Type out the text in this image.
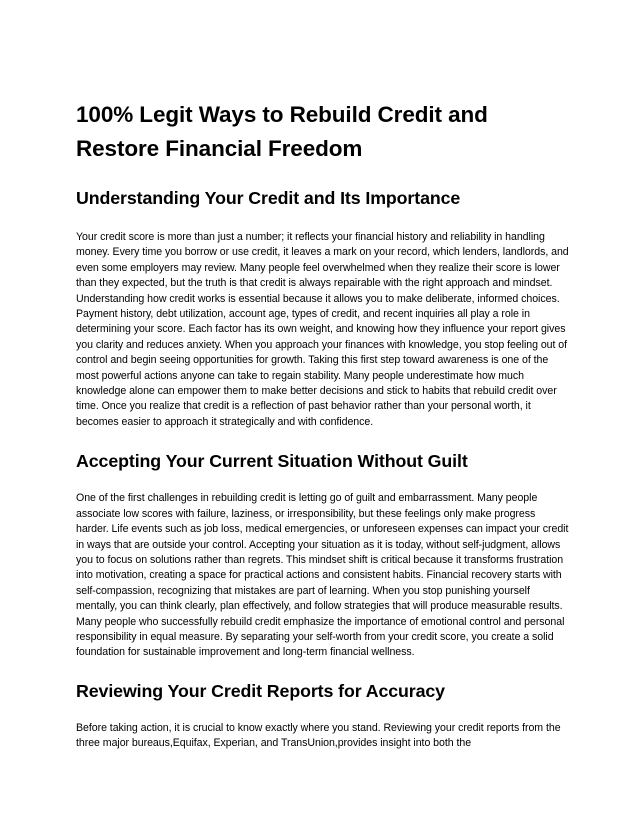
100% Legit Ways to Rebuild Credit and Restore Financial Freedom
Understanding Your Credit and Its Importance

Your credit score is more than just a number; it reflects your financial history and reliability in handling money. Every time you borrow or use credit, it leaves a mark on your record, which lenders, landlords, and even some employers may review. Many people feel overwhelmed when they realize their score is lower than they expected, but the truth is that credit is always repairable with the right approach and mindset. Understanding how credit works is essential because it allows you to make deliberate, informed choices. Payment history, debt utilization, account age, types of credit, and recent inquiries all play a role in determining your score. Each factor has its own weight, and knowing how they influence your report gives you clarity and reduces anxiety. When you approach your finances with knowledge, you stop feeling out of control and begin seeing opportunities for growth. Taking this first step toward awareness is one of the most powerful actions anyone can take to regain stability. Many people underestimate how much knowledge alone can empower them to make better decisions and stick to habits that rebuild credit over time. Once you realize that credit is a reflection of past behavior rather than your personal worth, it becomes easier to approach it strategically and with confidence.

Accepting Your Current Situation Without Guilt

One of the first challenges in rebuilding credit is letting go of guilt and embarrassment. Many people associate low scores with failure, laziness, or irresponsibility, but these feelings only make progress harder. Life events such as job loss, medical emergencies, or unforeseen expenses can impact your credit in ways that are outside your control. Accepting your situation as it is today, without self-judgment, allows you to focus on solutions rather than regrets. This mindset shift is critical because it transforms frustration into motivation, creating a space for practical actions and consistent habits. Financial recovery starts with self-compassion, recognizing that mistakes are part of learning. When you stop punishing yourself mentally, you can think clearly, plan effectively, and follow strategies that will produce measurable results. Many people who successfully rebuild credit emphasize the importance of emotional control and personal responsibility in equal measure. By separating your self-worth from your credit score, you create a solid foundation for sustainable improvement and long-term financial wellness.

Reviewing Your Credit Reports for Accuracy

Before taking action, it is crucial to know exactly where you stand. Reviewing your credit reports from the three major bureaus,Equifax, Experian, and TransUnion,provides insight into both the
